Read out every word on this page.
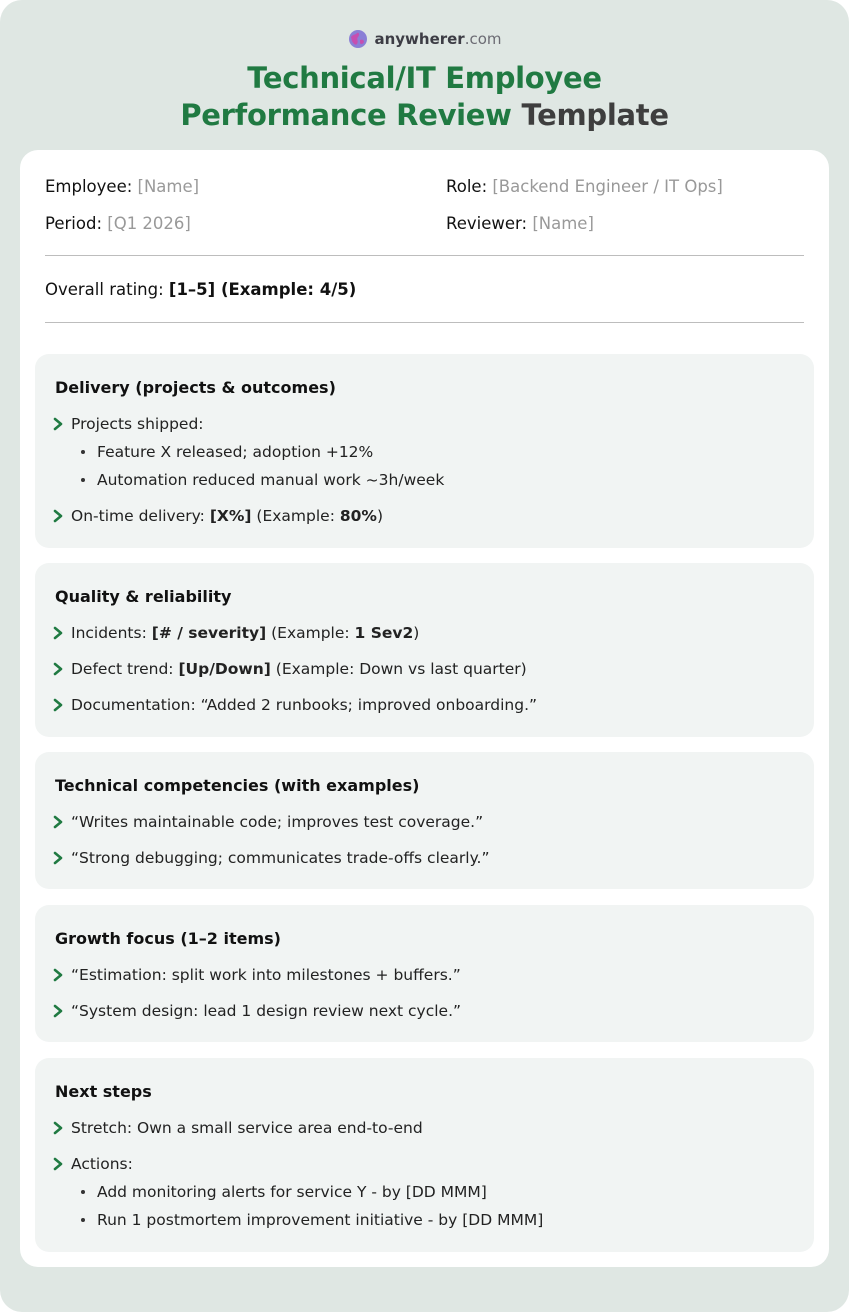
anywherer .com
Technical/IT Employee
Performance Review Template
Employee: [Name]	Role: [Backend Engineer / IT Ops]
Period: [Q1 2026]	Reviewer: [Name]
Overall rating: [1–5] (Example: 4/5)
Delivery (projects & outcomes)
Projects shipped:
Feature X released; adoption +12%
Automation reduced manual work ~3h/week
On-time delivery: [X%] (Example: 80%)
Quality & reliability
Incidents: [# / severity] (Example: 1 Sev2)
Defect trend: [Up/Down] (Example: Down vs last quarter)
Documentation: “Added 2 runbooks; improved onboarding.”
Technical competencies (with examples)
“Writes maintainable code; improves test coverage.”
“Strong debugging; communicates trade-offs clearly.”
Growth focus (1–2 items)
“Estimation: split work into milestones + buffers.”
“System design: lead 1 design review next cycle.”
Next steps
Stretch: Own a small service area end-to-end
Actions:
Add monitoring alerts for service Y - by [DD MMM]
Run 1 postmortem improvement initiative - by [DD MMM]
